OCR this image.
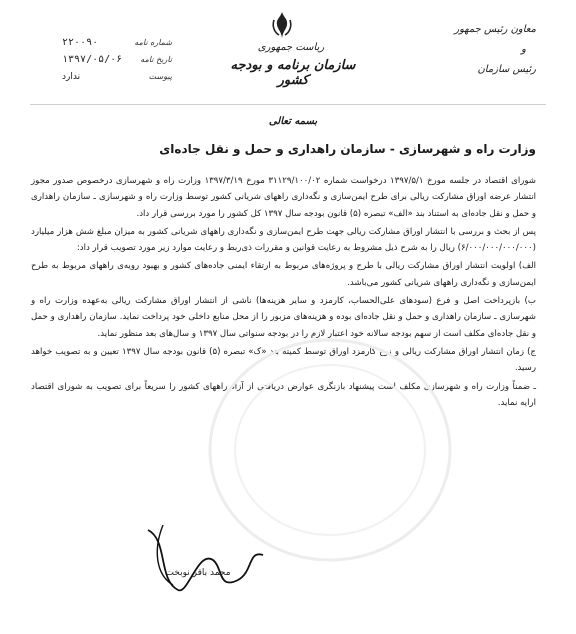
شماره نامه
۲۲۰۰۹۰
تاریخ نامه
۱۳۹۷/۰۵/۰۶
پیوست
ندارد
ریاست جمهوری
سازمان برنامه و بودجه کشور
معاون رئیس جمهور
و
رئیس سازمان
بسمه تعالی
وزارت راه و شهرسازی - سازمان راهداری و حمل و نقل جاده‌ای

شورای اقتصاد در جلسه مورخ ۱۳۹۷/۵/۱ درخواست شماره ۳۱۱۲۹/۱۰۰/۰۲ مورخ ۱۳۹۷/۳/۱۹ وزارت راه و شهرسازی درخصوص صدور مجوز انتشار عرضه اوراق مشارکت ریالی برای طرح ایمن‌سازی و نگه‌داری راههای شریانی کشور توسط وزارت راه و شهرسازی ـ سازمان راهداری و حمل و نقل جاده‌ای به استناد بند «الف» تبصره (۵) قانون بودجه سال ۱۳۹۷ کل کشور را مورد بررسی قرار داد.

پس از بحث و بررسی با انتشار اوراق مشارکت ریالی جهت طرح ایمن‌سازی و نگه‌داری راههای شریانی کشور به میزان مبلغ شش هزار میلیارد (۶/۰۰۰/۰۰۰/۰۰۰/۰۰۰) ریال را به شرح ذیل مشروط به رعایت قوانین و مقررات ذی‌ربط و رعایت موارد زیر مورد تصویب قرار داد:

الف) اولویت انتشار اوراق مشارکت ریالی با طرح و پروژه‌های مربوط به ارتقاء ایمنی جاده‌های کشور و بهبود رویه‌ی راههای مربوط به طرح ایمن‌سازی و نگه‌داری راههای شریانی کشور می‌باشد.

ب) بازپرداخت اصل و فرع (سودهای علی‌الحساب، کارمزد و سایر هزینه‌ها) ناشی از انتشار اوراق مشارکت ریالی به‌عهده وزارت راه و شهرسازی ـ سازمان راهداری و حمل و نقل جاده‌ای بوده و هزینه‌های مزبور را از محل منابع داخلی خود پرداخت نماید. سازمان راهداری و حمل و نقل جاده‌ای مکلف است از سهم بودجه سالانه خود اعتبار لازم را در بودجه سنواتی سال ۱۳۹۷ و سال‌های بعد منظور نماید.

ج) زمان انتشار اوراق مشارکت ریالی و نرخ کارمزد اوراق توسط کمیته بند «ک» تبصره (۵) قانون بودجه سال ۱۳۹۷ تعیین و به تصویب خواهد رسید.

ـ ضمناً وزارت راه و شهرسازی مکلف است پیشنهاد بازنگری عوارض دریافتی از آزاد راههای کشور را سریعاً برای تصویب به شورای اقتصاد ارایه نماید.

محمد باقر نوبخت
